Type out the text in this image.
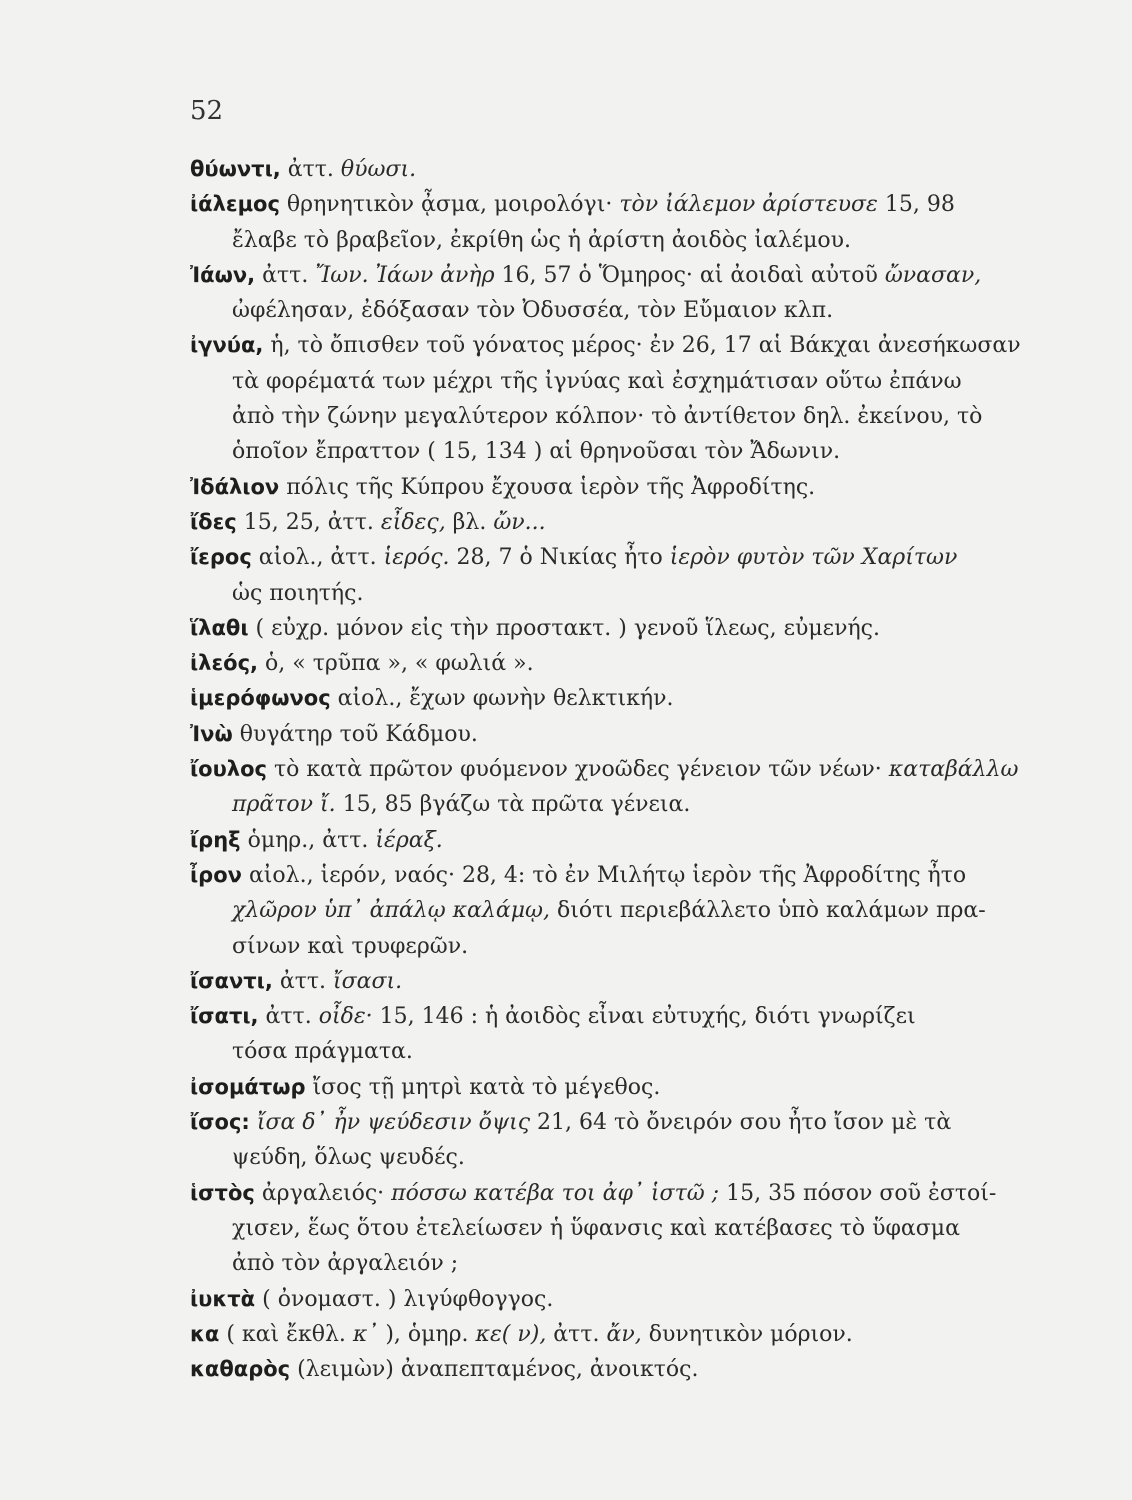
52
θύωντι, ἀττ. θύωσι.
ἰάλεμος θρηνητικὸν ᾆσμα, μοιρολόγι· τὸν ἰάλεμον ἀρίστευσε 15, 98
ἔλαβε τὸ βραβεῖον, ἐκρίθη ὡς ἡ ἀρίστη ἀοιδὸς ἰαλέμου.
Ἰάων, ἀττ. Ἴων. Ἰάων ἀνὴρ 16, 57 ὁ Ὅμηρος· αἱ ἀοιδαὶ αὐτοῦ ὤνασαν,
ὠφέλησαν, ἐδόξασαν τὸν Ὀδυσσέα, τὸν Εὔμαιον κλπ.
ἰγνύα, ἡ, τὸ ὄπισθεν τοῦ γόνατος μέρος· ἐν 26, 17 αἱ Βάκχαι ἀνεσήκωσαν
τὰ φορέματά των μέχρι τῆς ἰγνύας καὶ ἐσχημάτισαν οὕτω ἐπάνω
ἀπὸ τὴν ζώνην μεγαλύτερον κόλπον· τὸ ἀντίθετον δηλ. ἐκείνου, τὸ
ὁποῖον ἔπραττον ( 15, 134 ) αἱ θρηνοῦσαι τὸν Ἄδωνιν.
Ἰδάλιον πόλις τῆς Κύπρου ἔχουσα ἱερὸν τῆς Ἀφροδίτης.
ἴδες 15, 25, ἀττ. εἶδες, βλ. ὤν...
ἴερος αἰολ., ἀττ. ἱερός. 28, 7 ὁ Νικίας ἦτο ἱερὸν φυτὸν τῶν Χαρίτων
ὡς ποιητής.
ἵλαθι ( εὐχρ. μόνον εἰς τὴν προστακτ. ) γενοῦ ἵλεως, εὐμενής.
ἰλεός, ὁ, « τρῦπα », « φωλιά ».
ἱμερόφωνος αἰολ., ἔχων φωνὴν θελκτικήν.
Ἰνὼ θυγάτηρ τοῦ Κάδμου.
ἴουλος τὸ κατὰ πρῶτον φυόμενον χνοῶδες γένειον τῶν νέων· καταβάλλω
πρᾶτον ἴ. 15, 85 βγάζω τὰ πρῶτα γένεια.
ἴρηξ ὁμηρ., ἀττ. ἱέραξ.
ἶρον αἰολ., ἱερόν, ναός· 28, 4: τὸ ἐν Μιλήτῳ ἱερὸν τῆς Ἀφροδίτης ἦτο
χλῶρον ὑπ᾽ ἀπάλῳ καλάμῳ, διότι περιεβάλλετο ὑπὸ καλάμων πρα-
σίνων καὶ τρυφερῶν.
ἴσαντι, ἀττ. ἴσασι.
ἴσατι, ἀττ. οἶδε· 15, 146 : ἡ ἀοιδὸς εἶναι εὐτυχής, διότι γνωρίζει
τόσα πράγματα.
ἰσομάτωρ ἴσος τῇ μητρὶ κατὰ τὸ μέγεθος.
ἴσος: ἴσα δ᾽ ἦν ψεύδεσιν ὄψις 21, 64 τὸ ὄνειρόν σου ἦτο ἴσον μὲ τὰ
ψεύδη, ὅλως ψευδές.
ἱστὸς ἀργαλειός· πόσσω κατέβα τοι ἀφ᾽ ἱστῶ ; 15, 35 πόσον σοῦ ἐστοί-
χισεν, ἕως ὅτου ἐτελείωσεν ἡ ὕφανσις καὶ κατέβασες τὸ ὕφασμα
ἀπὸ τὸν ἀργαλειόν ;
ἰυκτὰ ( ὀνομαστ. ) λιγύφθογγος.
κα ( καὶ ἔκθλ. κ᾽ ), ὁμηρ. κε( ν), ἀττ. ἄν, δυνητικὸν μόριον.
καθαρὸς (λειμὼν) ἀναπεπταμένος, ἀνοικτός.
